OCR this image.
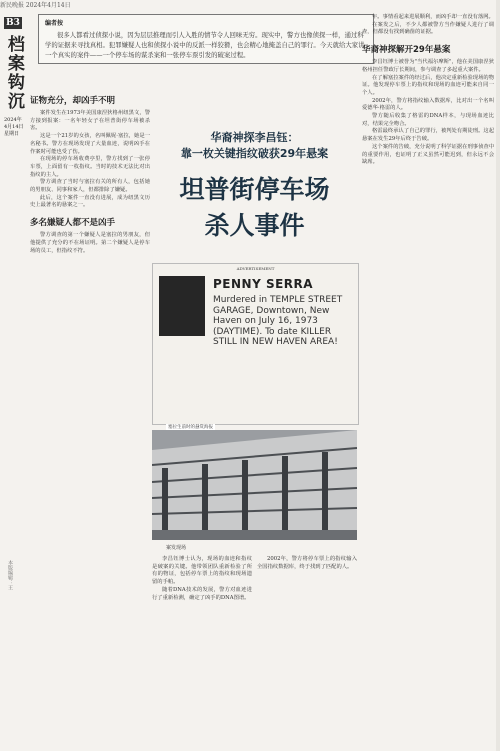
新民晚报 2024年4月14日
B3
档案钩沉
2024年
4月14日
星期日
本版编辑：王
编者按

很多人都看过侦探小说，因为层层推理而引人入胜的情节令人回味无穷。现实中，警方也像侦探一样，通过科学的证据来寻找真相。犯罪嫌疑人也和侦探小说中的反派一样狡猾，也会精心地掩盖自己的罪行。今天就给大家讲一个真实的案件——一个停车场的谋杀案和一张停车票引发的破案过程。

证物充分，却凶手不明

案件发生在1973年美国康涅狄格州纽黑文，警方接到报案：一名年轻女子在坦普街停车场被杀害。

这是一个21岁的女孩，名叫佩妮·塞拉，她是一名秘书。警方在现场发现了大量血迹，说明凶手在作案时可能也受了伤。

在现场的停车场收费亭里，警方找到了一张停车票，上面留有一枚指纹。当时的技术无法比对出指纹的主人。

警方调查了当时与塞拉有关的所有人，包括她的男朋友、同事和家人，但都排除了嫌疑。

此后，这个案件一直没有进展，成为纽黑文历史上最著名的悬案之一。

多名嫌疑人都不是凶手

警方调查的第一个嫌疑人是塞拉的男朋友，但他提供了充分的不在场证明。第二个嫌疑人是停车场的员工，但指纹不符。

华裔神探李昌钰：
靠一枚关键指纹破获29年悬案
坦普街停车场
杀人事件
ADVERTISEMENT
PENNY SERRA
Murdered in TEMPLE STREET GARAGE, Downtown, New Haven on July 16, 1973 (DAYTIME). To date KILLER STILL IN NEW HAVEN AREA!
塞拉生前时的悬赏海报
案发现场

李昌钰博士认为，现场的血迹和指纹是破案的关键。他带领团队重新检验了所有的物证，包括停车票上的指纹和现场遗留的手帕。

随着DNA技术的发展，警方对血迹进行了重新检测，确定了凶手的DNA图谱。

2002年，警方将停车票上的指纹输入全国指纹数据库，终于找到了匹配的人。

年。事情看起来进展顺利，而凶手却一直没有落网。

在案发之后，不少人都被警方当作嫌疑人进行了调查，但都没有找到确凿的证据。

华裔神探解开29年悬案

李昌钰博士被誉为"当代福尔摩斯"，他在美国康涅狄格州担任警政厅长期间，参与调查了多起重大案件。

在了解塞拉案件的经过后，他决定重新检验现场的物证。他发现停车票上的指纹和现场的血迹可能来自同一个人。

2002年，警方将指纹输入数据库，比对出一个名叫爱德华·格雷的人。

警方随后收集了格雷的DNA样本，与现场血迹比对，结果完全吻合。

格雷最终承认了自己的罪行，被判处有期徒刑。这起悬案在发生29年后终于告破。

这个案件的告破，充分说明了科学证据在刑事侦查中的重要作用，也证明了正义虽然可能迟到，但永远不会缺席。
